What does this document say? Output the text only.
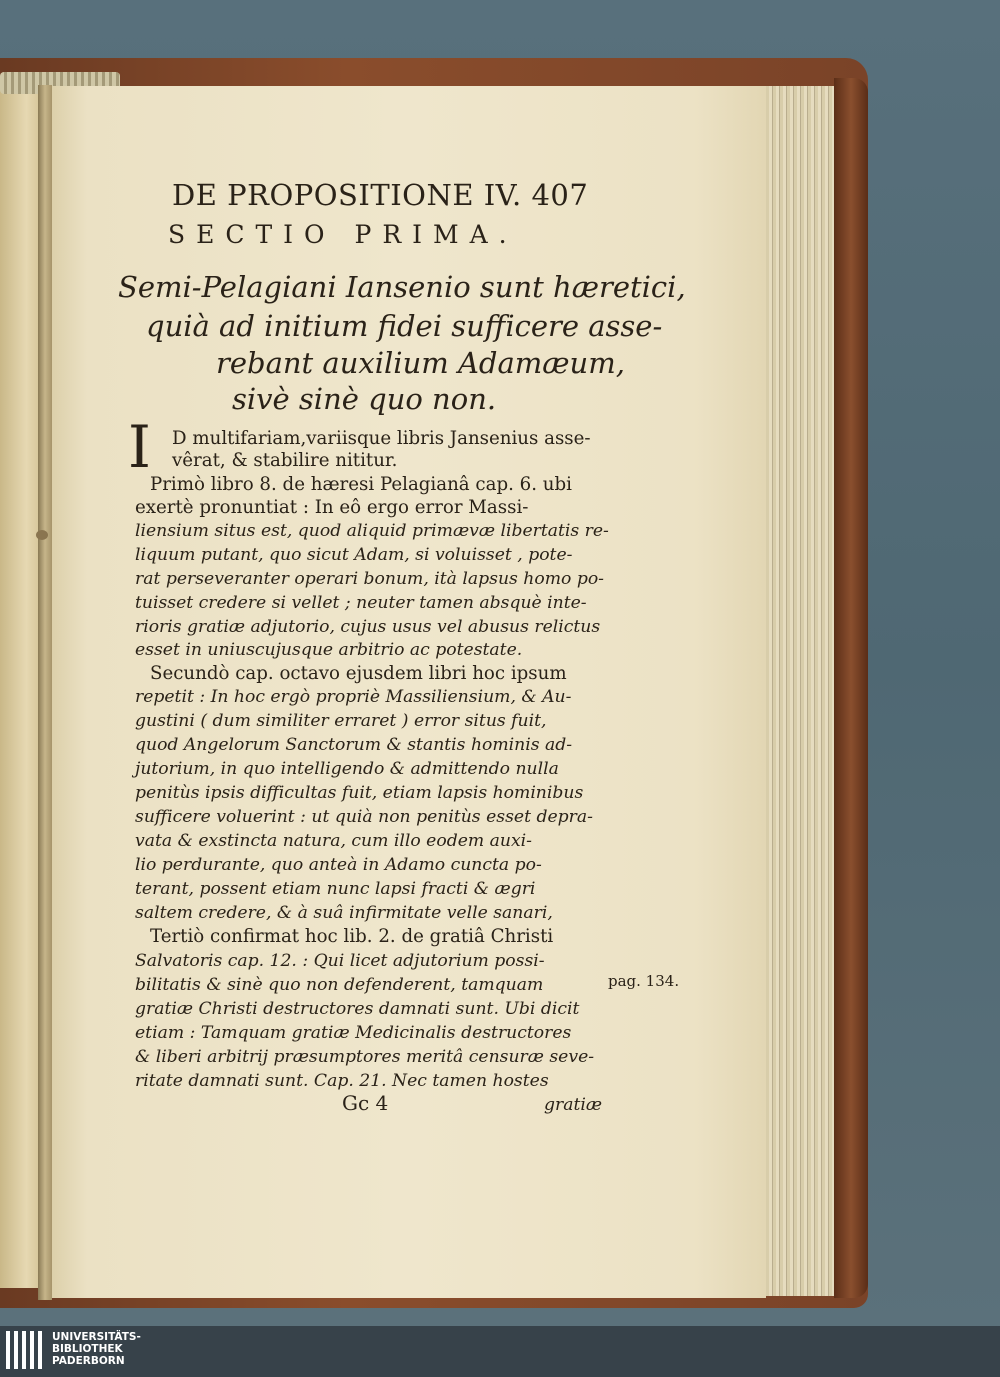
DE PROPOSITIONE IV. 407
SECTIO PRIMA.
Semi-Pelagiani Iansenio sunt hæretici,
quià ad initium fidei sufficere asse-
rebant auxilium Adamæum,
sivè sinè quo non.
I D multifariam,variisque libris Jansenius asse-
vêrat, & stabilire nititur.
Primò libro 8. de hæresi Pelagianâ cap. 6. ubi
exertè pronuntiat : In eô ergo error Massi-
liensium situs est, quod aliquid primævæ libertatis re-
liquum putant, quo sicut Adam, si voluisset , pote-
rat perseveranter operari bonum, ità lapsus homo po-
tuisset credere si vellet ; neuter tamen absquè inte-
rioris gratiæ adjutorio, cujus usus vel abusus relictus
esset in uniuscujusque arbitrio ac potestate.
Secundò cap. octavo ejusdem libri hoc ipsum
repetit : In hoc ergò propriè Massiliensium, & Au-
gustini ( dum similiter erraret ) error situs fuit,
quod Angelorum Sanctorum & stantis hominis ad-
jutorium, in quo intelligendo & admittendo nulla
penitùs ipsis difficultas fuit, etiam lapsis hominibus
sufficere voluerint : ut quià non penitùs esset depra-
vata & exstincta natura, cum illo eodem auxi-
lio perdurante, quo anteà in Adamo cuncta po-
terant, possent etiam nunc lapsi fracti & ægri
saltem credere, & à suâ infirmitate velle sanari,
Tertiò confirmat hoc lib. 2. de gratiâ Christi
Salvatoris cap. 12. : Qui licet adjutorium possi-
bilitatis & sinè quo non defenderent, tamquam
gratiæ Christi destructores damnati sunt. Ubi dicit
etiam : Tamquam gratiæ Medicinalis destructores
& liberi arbitrij præsumptores meritâ censuræ seve-
ritate damnati sunt. Cap. 21. Nec tamen hostes
pag. 134.
Gc 4	gratiæ
UNIVERSITÄTS-
BIBLIOTHEK
PADERBORN
